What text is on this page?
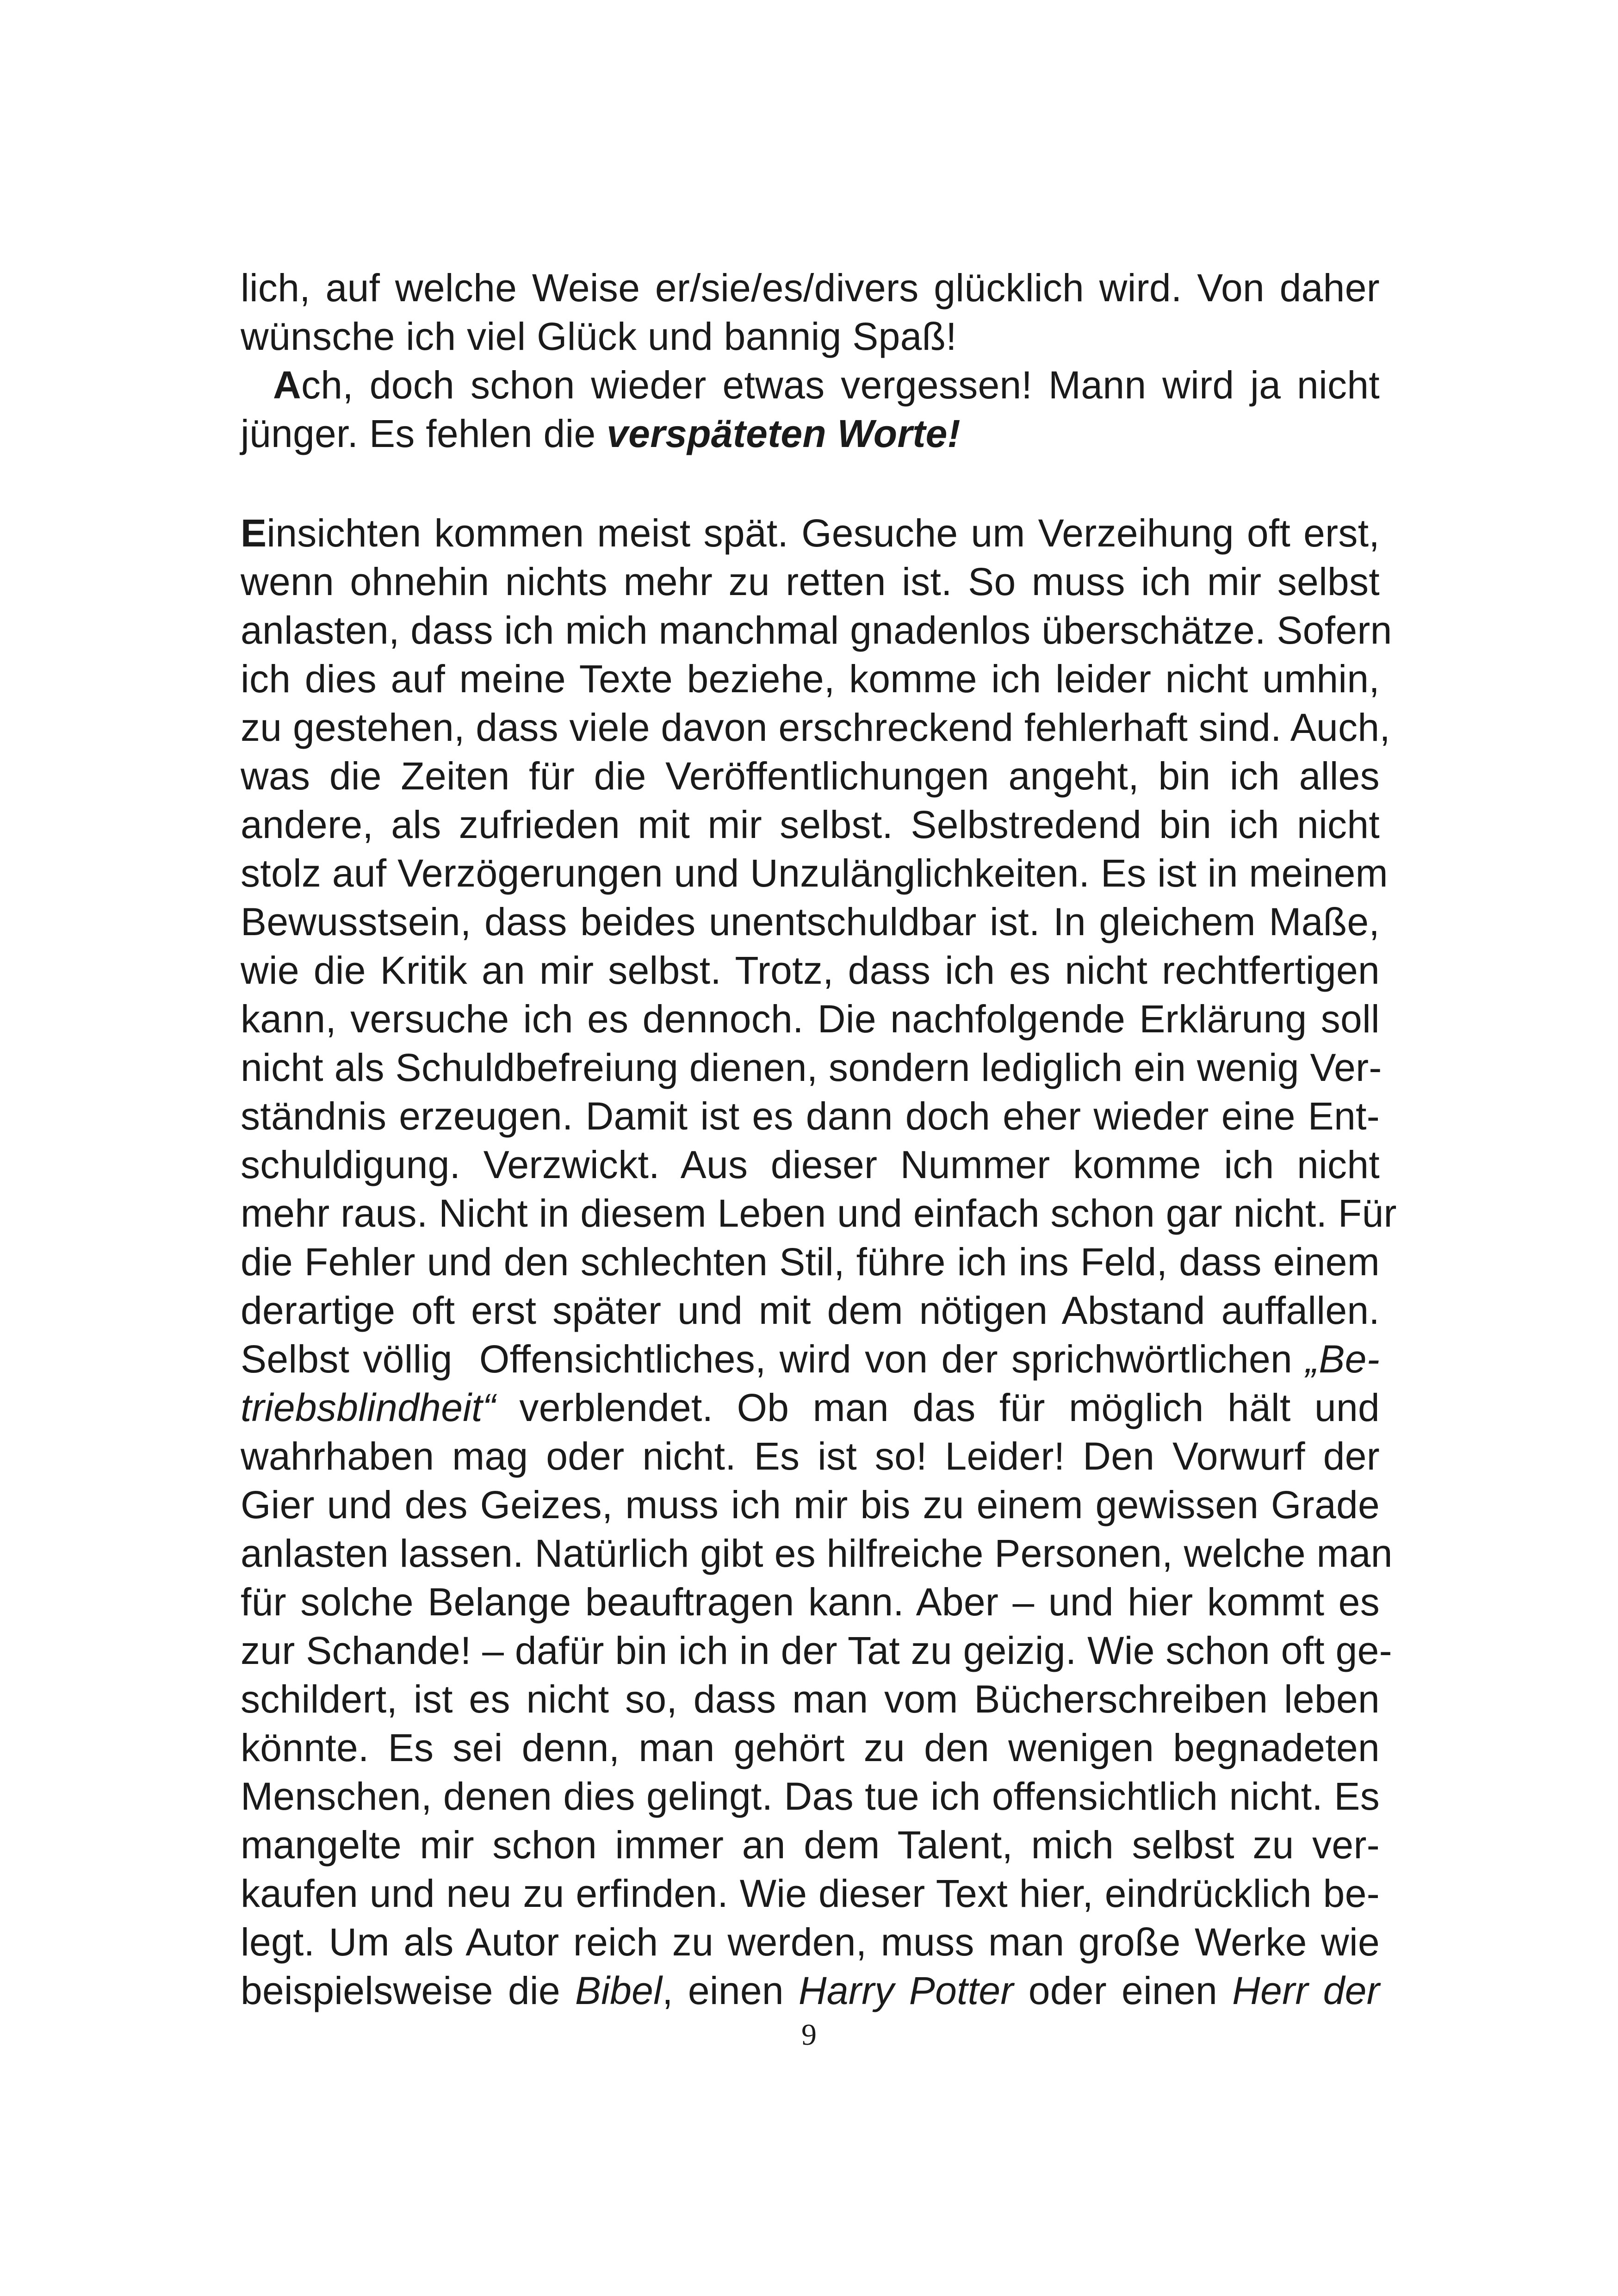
lich, auf welche Weise er/sie/es/divers glücklich wird. Von daher
wünsche ich viel Glück und bannig Spaß!
Ach, doch schon wieder etwas vergessen! Mann wird ja nicht
jünger. Es fehlen die verspäteten Worte!
Einsichten kommen meist spät. Gesuche um Verzeihung oft erst,
wenn ohnehin nichts mehr zu retten ist. So muss ich mir selbst
anlasten, dass ich mich manchmal gnadenlos überschätze. Sofern
ich dies auf meine Texte beziehe, komme ich leider nicht umhin,
zu gestehen, dass viele davon erschreckend fehlerhaft sind. Auch,
was die Zeiten für die Veröffentlichungen angeht, bin ich alles
andere, als zufrieden mit mir selbst. Selbstredend bin ich nicht
stolz auf Verzögerungen und Unzulänglichkeiten. Es ist in meinem
Bewusstsein, dass beides unentschuldbar ist. In gleichem Maße,
wie die Kritik an mir selbst. Trotz, dass ich es nicht rechtfertigen
kann, versuche ich es dennoch. Die nachfolgende Erklärung soll
nicht als Schuldbefreiung dienen, sondern lediglich ein wenig Ver-
ständnis erzeugen. Damit ist es dann doch eher wieder eine Ent-
schuldigung. Verzwickt. Aus dieser Nummer komme ich nicht
mehr raus. Nicht in diesem Leben und einfach schon gar nicht. Für
die Fehler und den schlechten Stil, führe ich ins Feld, dass einem
derartige oft erst später und mit dem nötigen Abstand auffallen.
Selbst völlig  Offensichtliches, wird von der sprichwörtlichen „Be-
triebsblindheit“ verblendet. Ob man das für möglich hält und
wahrhaben mag oder nicht. Es ist so! Leider! Den Vorwurf der
Gier und des Geizes, muss ich mir bis zu einem gewissen Grade
anlasten lassen. Natürlich gibt es hilfreiche Personen, welche man
für solche Belange beauftragen kann. Aber – und hier kommt es
zur Schande! – dafür bin ich in der Tat zu geizig. Wie schon oft ge-
schildert, ist es nicht so, dass man vom Bücherschreiben leben
könnte. Es sei denn, man gehört zu den wenigen begnadeten
Menschen, denen dies gelingt. Das tue ich offensichtlich nicht. Es
mangelte mir schon immer an dem Talent, mich selbst zu ver-
kaufen und neu zu erfinden. Wie dieser Text hier, eindrücklich be-
legt. Um als Autor reich zu werden, muss man große Werke wie
beispielsweise die Bibel, einen Harry Potter oder einen Herr der
9
